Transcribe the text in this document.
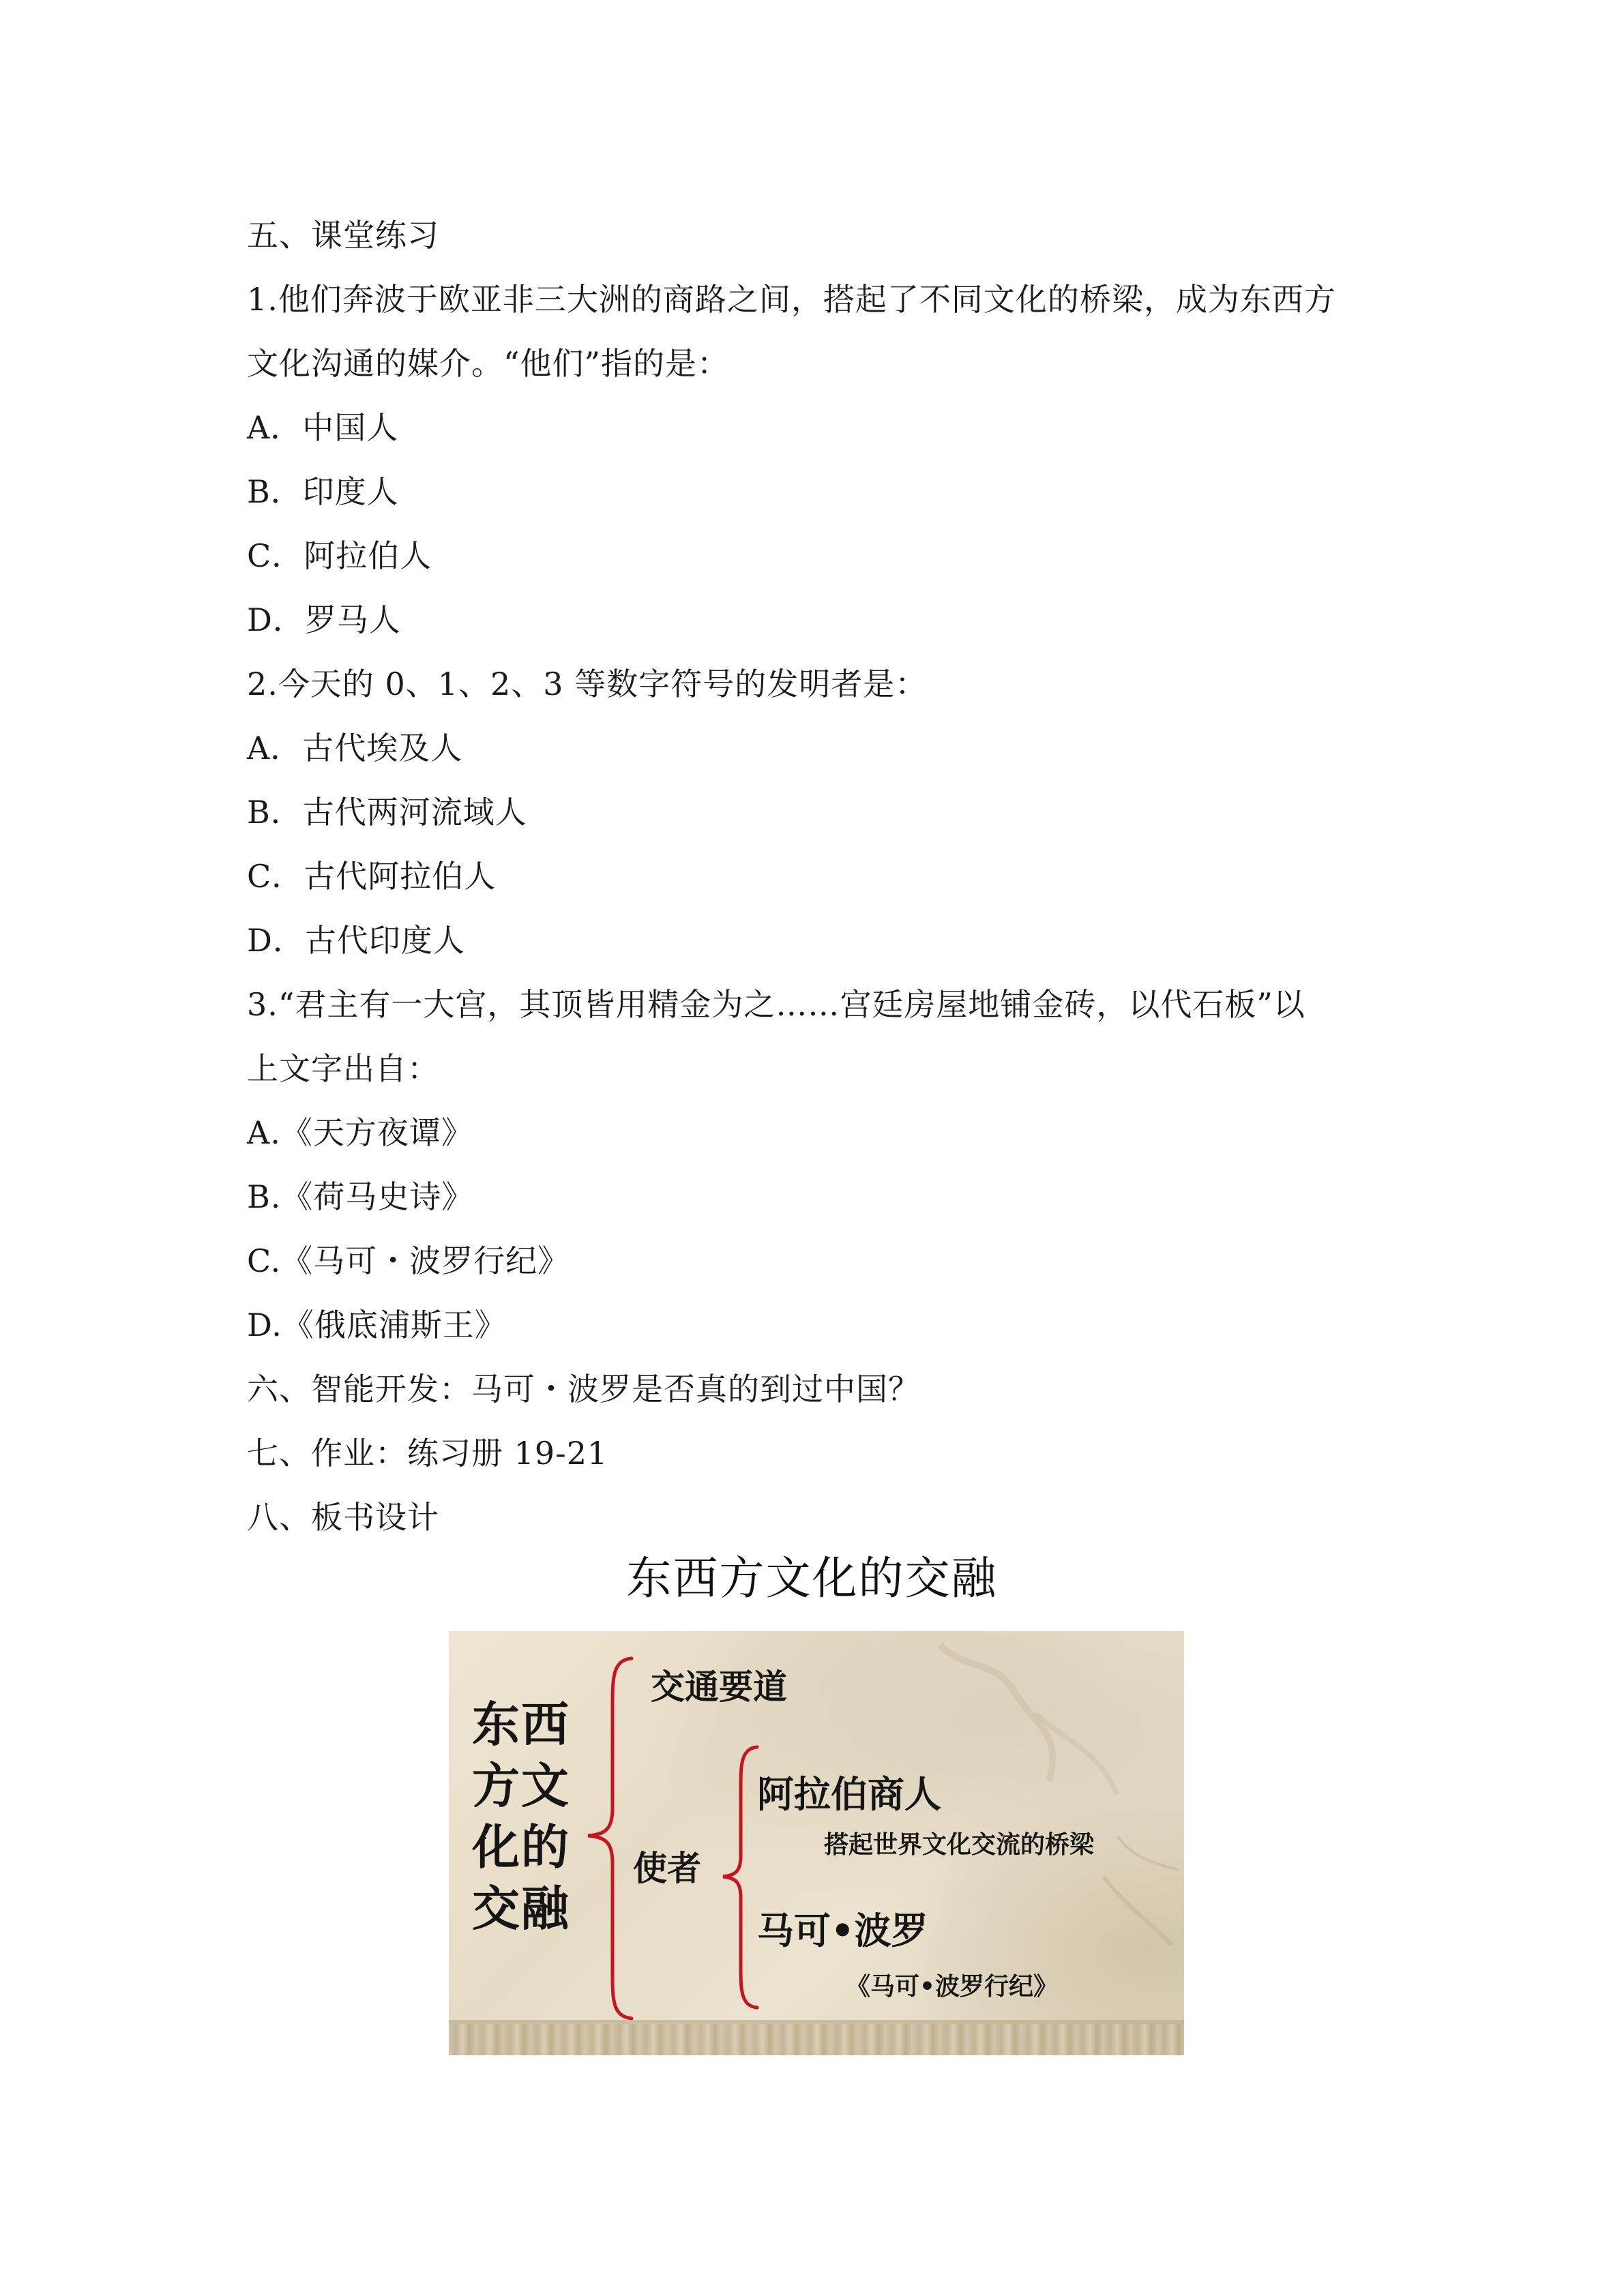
五、课堂练习
1.他们奔波于欧亚非三大洲的商路之间，搭起了不同文化的桥梁，成为东西方
文化沟通的媒介。“他们”指的是：
A．中国人
B．印度人
C．阿拉伯人
D．罗马人
2.今天的 0、1、2、3 等数字符号的发明者是：
A．古代埃及人
B．古代两河流域人
C．古代阿拉伯人
D．古代印度人
3.“君主有一大宫，其顶皆用精金为之……宫廷房屋地铺金砖，以代石板”以
上文字出自：
A.《天方夜谭》
B.《荷马史诗》
C.《马可・波罗行纪》
D.《俄底浦斯王》
六、智能开发：马可・波罗是否真的到过中国？
七、作业：练习册 19-21
八、板书设计
东西方文化的交融
东西
方文
化的
交融
交通要道
使者
阿拉伯商人
搭起世界文化交流的桥梁
马可•波罗
《马可•波罗行纪》
